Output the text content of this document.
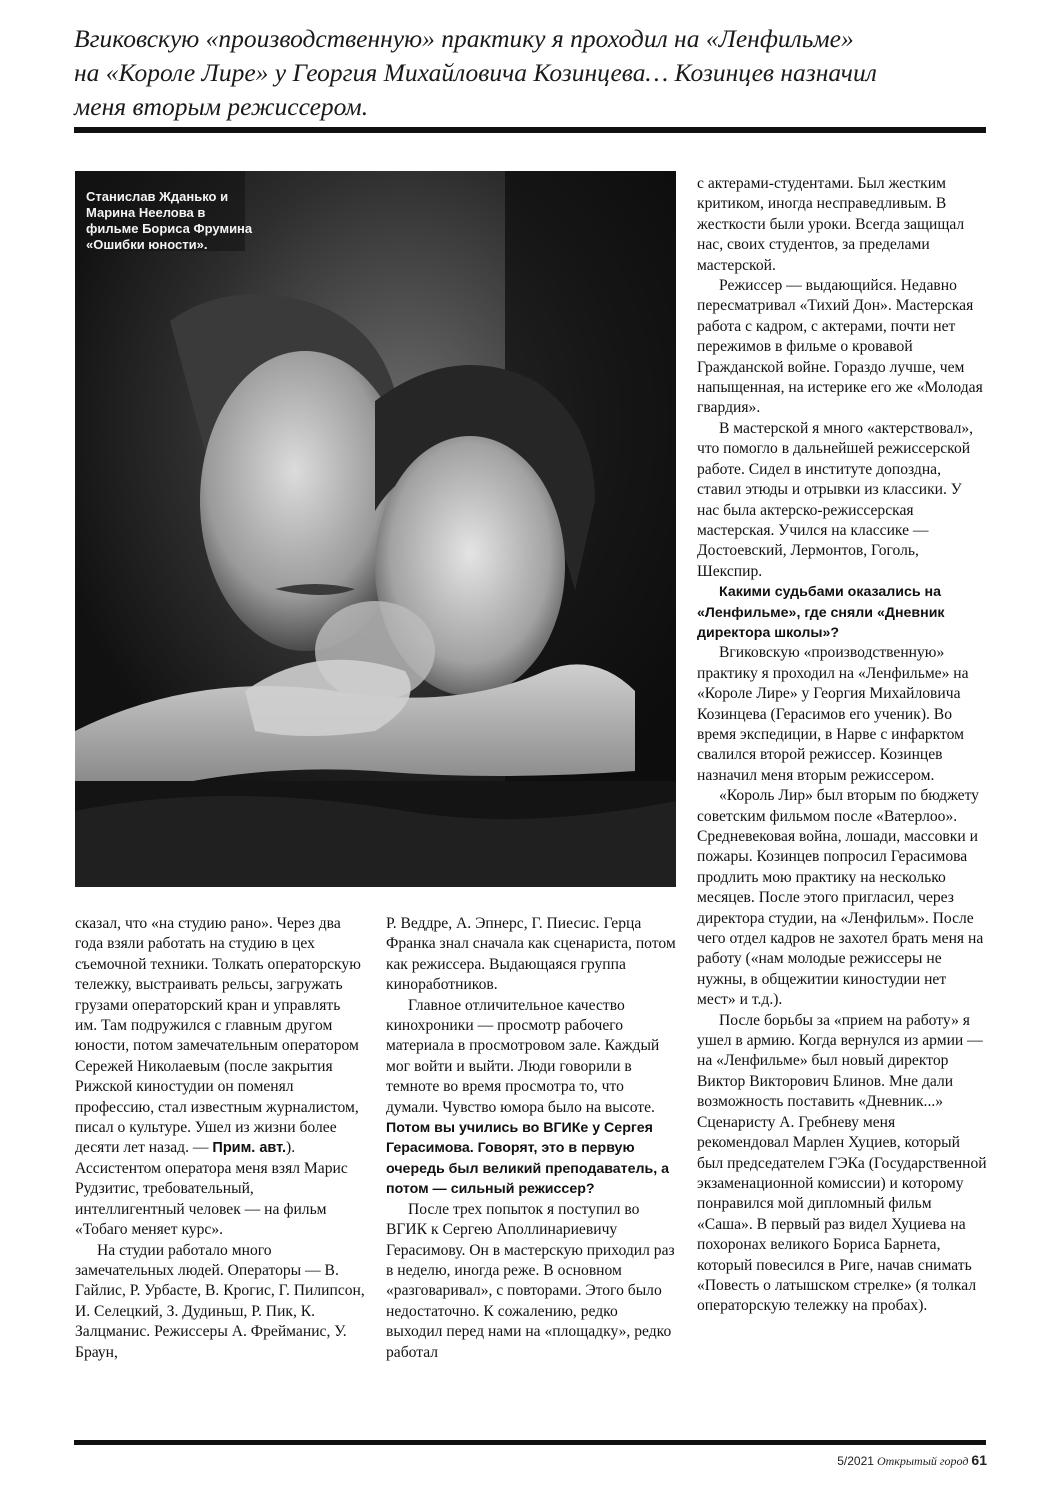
Вгиковскую «производственную» практику я проходил на «Ленфильме»

на «Короле Лире» у Георгия Михайловича Козинцева… Козинцев назначил

меня вторым режиссером.

Станислав Жданько и Марина Неелова в фильме Бориса Фрумина «Ошибки юности».

с актерами-студентами. Был жестким критиком, иногда несправедливым. В жесткости были уроки. Всегда защищал нас, своих студентов, за пределами мастерской.

Режиссер — выдающийся. Недавно пересматривал «Тихий Дон». Мастерская работа с кадром, с актерами, почти нет пережимов в фильме о кровавой Гражданской войне. Гораздо лучше, чем напыщенная, на истерике его же «Молодая гвардия».

В мастерской я много «актерствовал», что помогло в дальнейшей режиссерской работе. Сидел в институте допоздна, ставил этюды и отрывки из классики. У нас была актерско-режиссерская мастерская. Учился на классике — Достоевский, Лермонтов, Гоголь, Шекспир.

Какими судьбами оказались на «Ленфильме», где сняли «Дневник директора школы»?

Вгиковскую «производственную» практику я проходил на «Ленфильме» на «Короле Лире» у Георгия Михайловича Козинцева (Герасимов его ученик). Во время экспедиции, в Нарве с инфарктом свалился второй режиссер. Козинцев назначил меня вторым режиссером.

«Король Лир» был вторым по бюджету советским фильмом после «Ватерлоо». Средневековая война, лошади, массовки и пожары. Козинцев попросил Герасимова продлить мою практику на несколько месяцев. После этого пригласил, через директора студии, на «Ленфильм». После чего отдел кадров не захотел брать меня на работу («нам молодые режиссеры не нужны, в общежитии киностудии нет мест» и т.д.).

После борьбы за «прием на работу» я ушел в армию. Когда вернулся из армии — на «Ленфильме» был новый директор Виктор Викторович Блинов. Мне дали возможность поставить «Дневник...» Сценаристу А. Гребневу меня рекомендовал Марлен Хуциев, который был председателем ГЭКа (Государственной экзаменационной комиссии) и которому понравился мой дипломный фильм «Саша». В первый раз видел Хуциева на похоронах великого Бориса Барнета, который повесился в Риге, начав снимать «Повесть о латышском стрелке» (я толкал операторскую тележку на пробах).

сказал, что «на студию рано». Через два года взяли работать на студию в цех съемочной техники. Толкать операторскую тележку, выстраивать рельсы, загружать грузами операторский кран и управлять им. Там подружился с главным другом юности, потом замечательным оператором Сережей Николаевым (после закрытия Рижской киностудии он поменял профессию, стал известным журналистом, писал о культуре. Ушел из жизни более десяти лет назад. — Прим. авт.). Ассистентом оператора меня взял Марис Рудзитис, требовательный, интеллигентный человек — на фильм «Тобаго меняет курс».

На студии работало много замечательных людей. Операторы — В. Гайлис, Р. Урбасте, В. Крогис, Г. Пилипсон, И. Селецкий, З. Дудиньш, Р. Пик, К. Залцманис. Режиссеры А. Фрейманис, У. Браун,

Р. Веддре, А. Эпнерс, Г. Пиесис. Герца Франка знал сначала как сценариста, потом как режиссера. Выдающаяся группа киноработников.

Главное отличительное качество кинохроники — просмотр рабочего материала в просмотровом зале. Каждый мог войти и выйти. Люди говорили в темноте во время просмотра то, что думали. Чувство юмора было на высоте.

Потом вы учились во ВГИКе у Сергея Герасимова. Говорят, это в первую очередь был великий преподаватель, а потом — сильный режиссер?

После трех попыток я поступил во ВГИК к Сергею Аполлинариевичу Герасимову. Он в мастерскую приходил раз в неделю, иногда реже. В основном «разговаривал», с повторами. Этого было недостаточно. К сожалению, редко выходил перед нами на «площадку», редко работал

5/2021 Открытый город 61
